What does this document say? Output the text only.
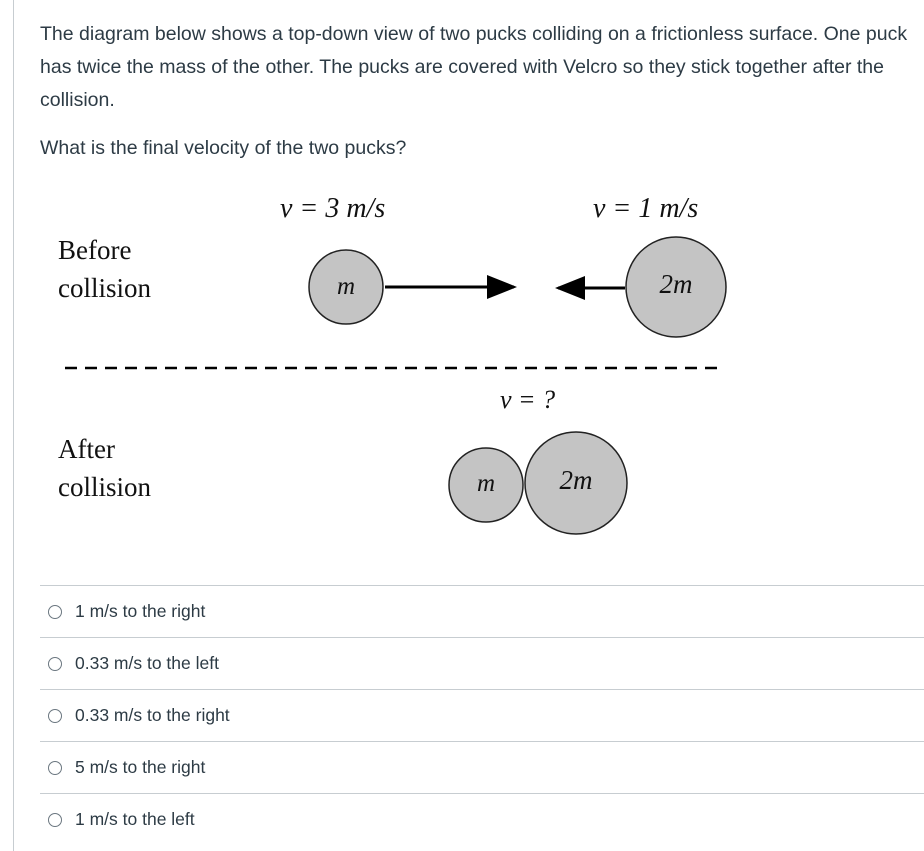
The diagram below shows a top-down view of two pucks colliding on a frictionless surface. One puck has twice the mass of the other. The pucks are covered with Velcro so they stick together after the collision.

What is the final velocity of the two pucks?

Before
collision
v = 3 m/s	v = 1 m/s
m	2m
v = ?
After
collision	m 2m
1 m/s to the right
0.33 m/s to the left
0.33 m/s to the right
5 m/s to the right
1 m/s to the left
